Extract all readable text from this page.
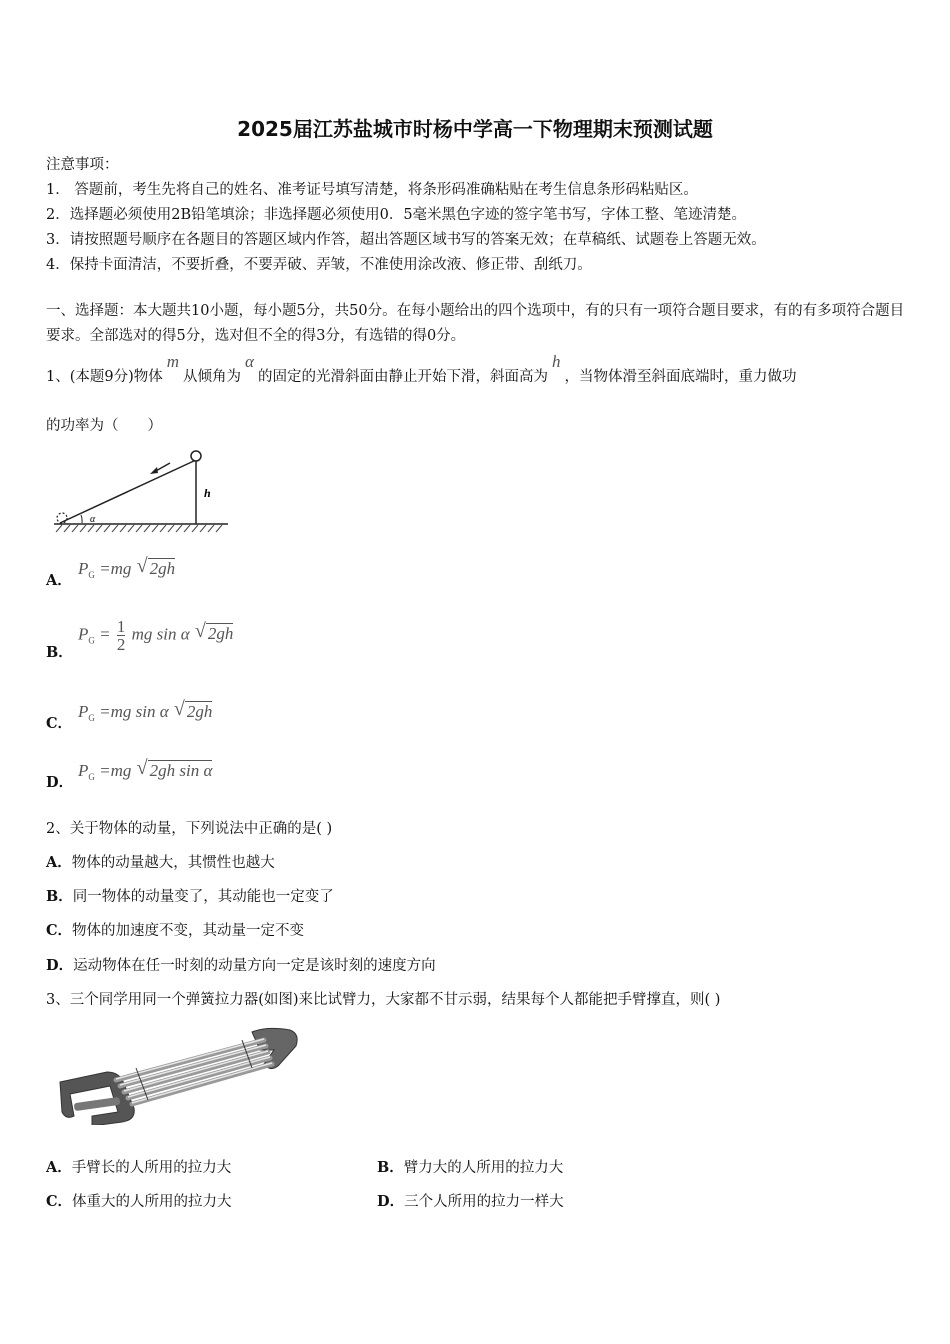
2025届江苏盐城市时杨中学高一下物理期末预测试题
注意事项：
1． 答题前，考生先将自己的姓名、准考证号填写清楚，将条形码准确粘贴在考生信息条形码粘贴区。
2．选择题必须使用2B铅笔填涂；非选择题必须使用0．5毫米黑色字迹的签字笔书写，字体工整、笔迹清楚。
3．请按照题号顺序在各题目的答题区域内作答，超出答题区域书写的答案无效；在草稿纸、试题卷上答题无效。
4．保持卡面清洁，不要折叠，不要弄破、弄皱，不准使用涂改液、修正带、刮纸刀。
一、选择题：本大题共10小题，每小题5分，共50分。在每小题给出的四个选项中，有的只有一项符合题目要求，有的有多项符合题目要求。全部选对的得5分，选对但不全的得3分，有选错的得0分。
1、(本题9分)物体m从倾角为α的固定的光滑斜面由静止开始下滑，斜面高为h，当物体滑至斜面底端时，重力做功
的功率为（　　）
α
h
A．
$P_G =mg$ √ 2gh
B．
$P_G = \frac{1}{2}$ mg sin α √ 2gh
C．
$P_G =mg$ sin α √ 2gh
D．
$P_G =mg$ √ 2gh sin α
2、关于物体的动量，下列说法中正确的是( )
A．物体的动量越大，其惯性也越大
B．同一物体的动量变了，其动能也一定变了
C．物体的加速度不变，其动量一定不变
D．运动物体在任一时刻的动量方向一定是该时刻的速度方向
3、三个同学用同一个弹簧拉力器(如图)来比试臂力，大家都不甘示弱，结果每个人都能把手臂撑直，则( )
A．手臂长的人所用的拉力大	B．臂力大的人所用的拉力大
C．体重大的人所用的拉力大	D．三个人所用的拉力一样大
